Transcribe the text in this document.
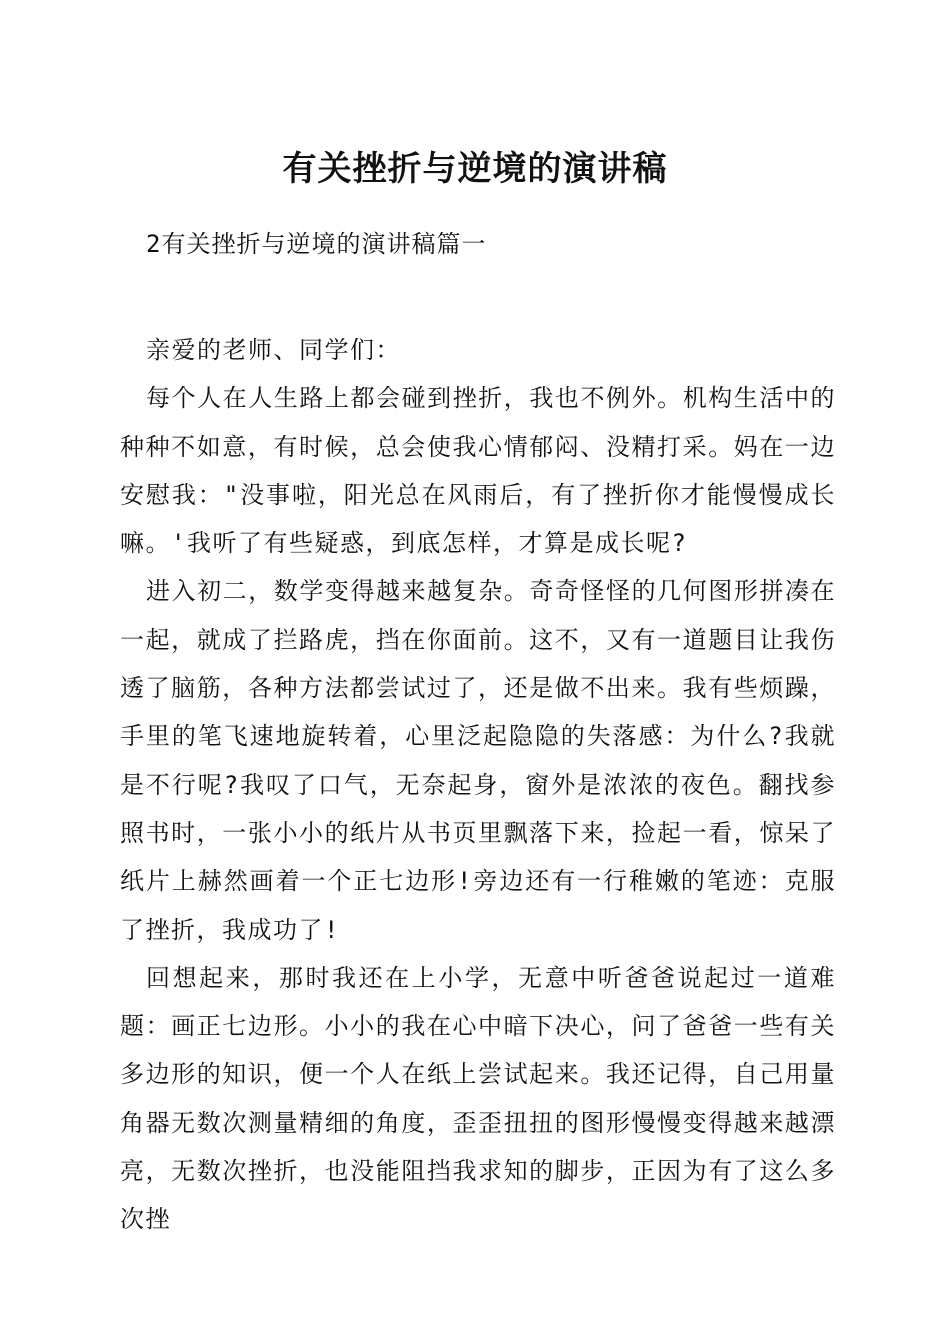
有关挫折与逆境的演讲稿
2有关挫折与逆境的演讲稿篇一

亲爱的老师、同学们：

每个人在人生路上都会碰到挫折，我也不例外。机构生活中的种种不如意，有时候，总会使我心情郁闷、没精打采。妈在一边安慰我："没事啦，阳光总在风雨后，有了挫折你才能慢慢成长嘛。'我听了有些疑惑，到底怎样，才算是成长呢?

进入初二，数学变得越来越复杂。奇奇怪怪的几何图形拼凑在一起，就成了拦路虎，挡在你面前。这不，又有一道题目让我伤透了脑筋，各种方法都尝试过了，还是做不出来。我有些烦躁，手里的笔飞速地旋转着，心里泛起隐隐的失落感：为什么?我就是不行呢?我叹了口气，无奈起身，窗外是浓浓的夜色。翻找参照书时，一张小小的纸片从书页里飘落下来，捡起一看，惊呆了纸片上赫然画着一个正七边形!旁边还有一行稚嫩的笔迹：克服了挫折，我成功了!

回想起来，那时我还在上小学，无意中听爸爸说起过一道难题：画正七边形。小小的我在心中暗下决心，问了爸爸一些有关多边形的知识，便一个人在纸上尝试起来。我还记得，自己用量角器无数次测量精细的角度，歪歪扭扭的图形慢慢变得越来越漂亮，无数次挫折，也没能阻挡我求知的脚步，正因为有了这么多次挫
